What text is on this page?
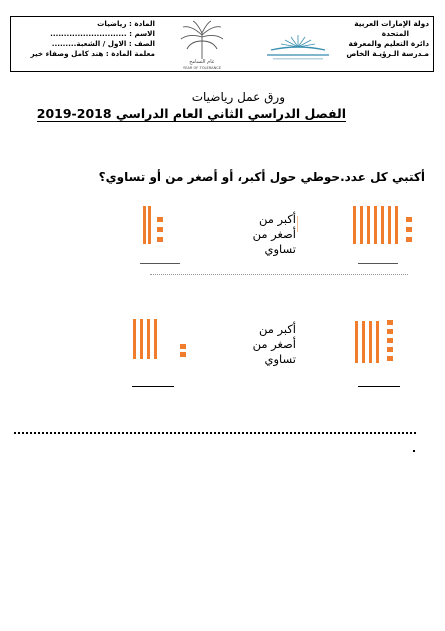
دولة الإمارات العربية
المتحدة
دائرة التعليم والمعرفة
مـدرسة الـرؤيـة الخاص
عام التسامح
YEAR OF TOLERANCE
المادة : رياضيات
الاسم : ............................
الصف : الاول / الشعبة.........
معلمة المادة : هند كامل وصفاء خير
ورق عمل رياضيات
الفصل الدراسي الثاني العام الدراسي 2018-2019
أكتبي كل عدد.حوطي حول أكبر، أو أصغر من أو تساوي؟
أكبر من
أصغر من
تساوي
أكبر من
أصغر من
تساوي
